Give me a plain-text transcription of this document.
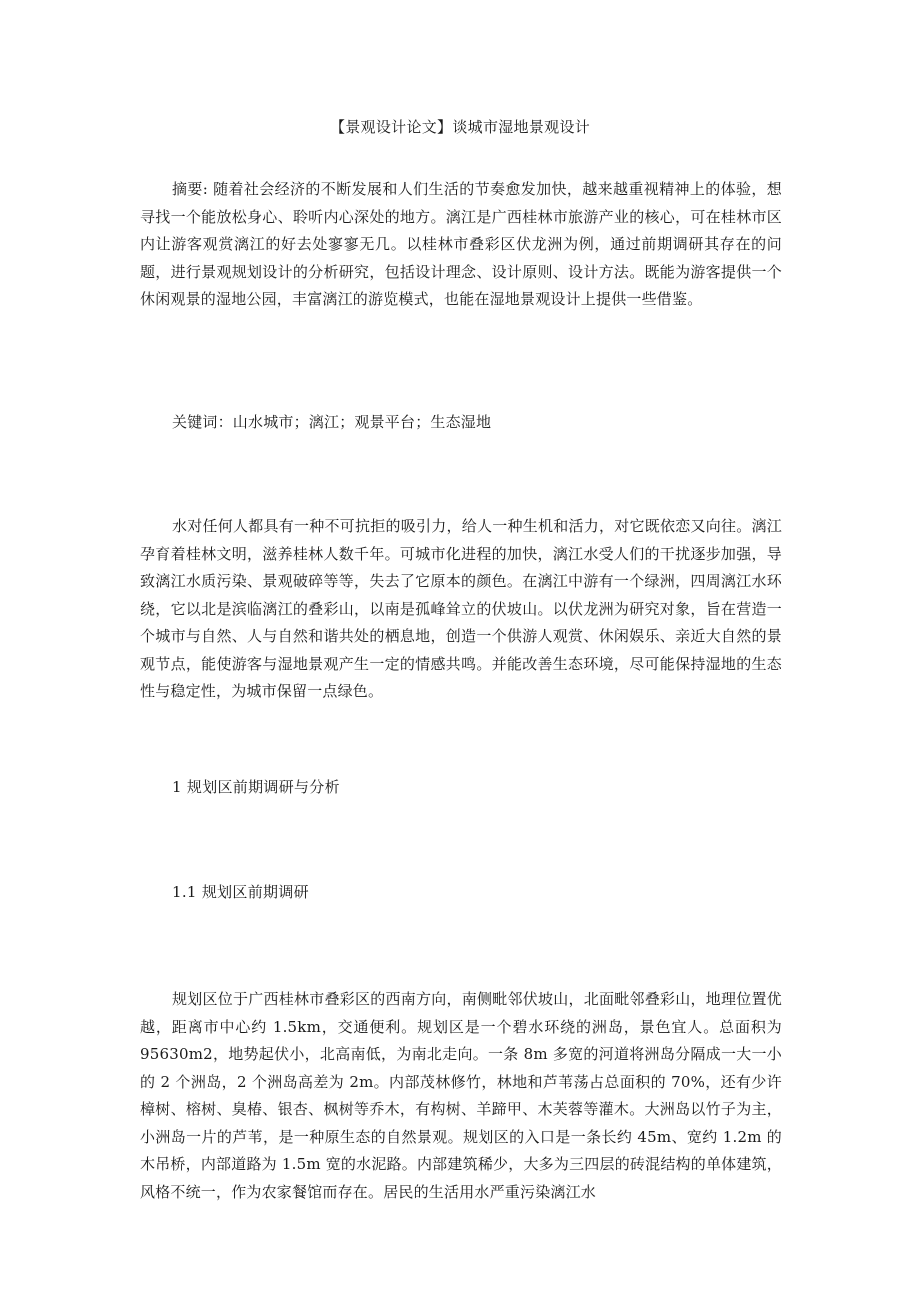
【景观设计论文】谈城市湿地景观设计

摘要: 随着社会经济的不断发展和人们生活的节奏愈发加快，越来越重视精神上的体验，想寻找一个能放松身心、聆听内心深处的地方。漓江是广西桂林市旅游产业的核心，可在桂林市区内让游客观赏漓江的好去处寥寥无几。以桂林市叠彩区伏龙洲为例，通过前期调研其存在的问题，进行景观规划设计的分析研究，包括设计理念、设计原则、设计方法。既能为游客提供一个休闲观景的湿地公园，丰富漓江的游览模式，也能在湿地景观设计上提供一些借鉴。

关键词：山水城市；漓江；观景平台；生态湿地

水对任何人都具有一种不可抗拒的吸引力，给人一种生机和活力，对它既依恋又向往。漓江孕育着桂林文明，滋养桂林人数千年。可城市化进程的加快，漓江水受人们的干扰逐步加强，导致漓江水质污染、景观破碎等等，失去了它原本的颜色。在漓江中游有一个绿洲，四周漓江水环绕，它以北是滨临漓江的叠彩山，以南是孤峰耸立的伏坡山。以伏龙洲为研究对象，旨在营造一个城市与自然、人与自然和谐共处的栖息地，创造一个供游人观赏、休闲娱乐、亲近大自然的景观节点，能使游客与湿地景观产生一定的情感共鸣。并能改善生态环境，尽可能保持湿地的生态性与稳定性，为城市保留一点绿色。

1 规划区前期调研与分析
1.1 规划区前期调研

规划区位于广西桂林市叠彩区的西南方向，南侧毗邻伏坡山，北面毗邻叠彩山，地理位置优越，距离市中心约 1.5km，交通便利。规划区是一个碧水环绕的洲岛，景色宜人。总面积为 95630m2，地势起伏小，北高南低，为南北走向。一条 8m 多宽的河道将洲岛分隔成一大一小的 2 个洲岛，2 个洲岛高差为 2m。内部茂林修竹，林地和芦苇荡占总面积的 70%，还有少许樟树、榕树、臭椿、银杏、枫树等乔木，有构树、羊蹄甲、木芙蓉等灌木。大洲岛以竹子为主，小洲岛一片的芦苇，是一种原生态的自然景观。规划区的入口是一条长约 45m、宽约 1.2m 的木吊桥，内部道路为 1.5m 宽的水泥路。内部建筑稀少，大多为三四层的砖混结构的单体建筑，风格不统一，作为农家餐馆而存在。居民的生活用水严重污染漓江水
